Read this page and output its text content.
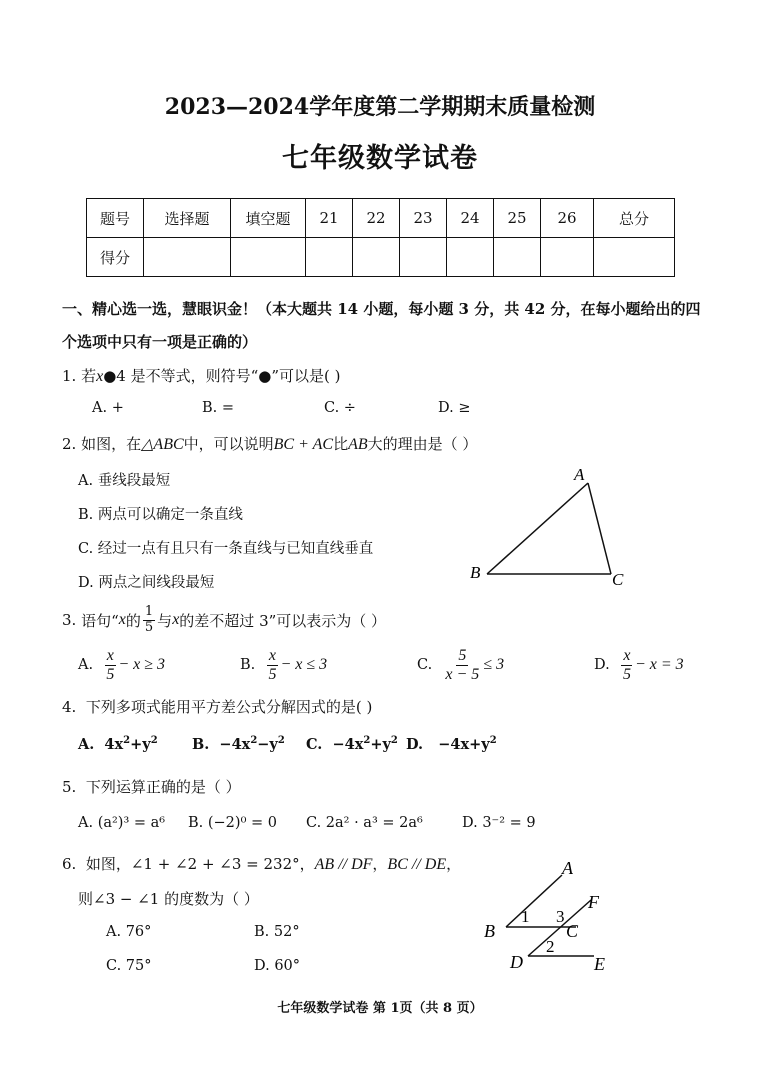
2023—2024学年度第二学期期末质量检测
七年级数学试卷
题号	选择题	填空题	21	22	23	24	25	26	总分
得分									
一、精心选一选，慧眼识金！（本大题共 14 小题，每小题 3 分，共 42 分，在每小题给出的四
个选项中只有一项是正确的）
1. 若x●4 是不等式，则符号“●”可以是( )
A. +	B. =	C. ÷	D. ≥
2. 如图，在△ABC中，可以说明BC + AC比AB大的理由是（ ）
A. 垂线段最短
B. 两点可以确定一条直线
C. 经过一点有且只有一条直线与已知直线垂直
D. 两点之间线段最短
A
B	C
3.
语句“ x 的 $\frac{1}{5}$ 与 x 的差不超过 3”可以表示为（ ）
A.
$\frac{x}{5} - x \ge 3$	B.
$\frac{x}{5} - x \le 3$	C.
$\frac{5}{x - 5} \le 3$	D.
$\frac{x}{5} - x = 3$
4. 下列多项式能用平方差公式分解因式的是( )
A. $4x^2+y^2$ B. $-4x^2-y^2$ C. $-4x^2+y^2$ D. $-4x+y^2$
5. 下列运算正确的是（ ）
A. (a²)³ = a⁶ B. (−2)⁰ = 0 C. 2a² · a³ = 2a⁶	D. 3⁻² = 9
6. 如图，∠1 + ∠2 + ∠3 = 232°，AB // DF，BC // DE，
则∠3 − ∠1 的度数为（ ）
A. 76°	B. 52°
C. 75°	D. 60°
A
B	C
D	E
F
1
2
3
七年级数学试卷 第 1页（共 8 页）
